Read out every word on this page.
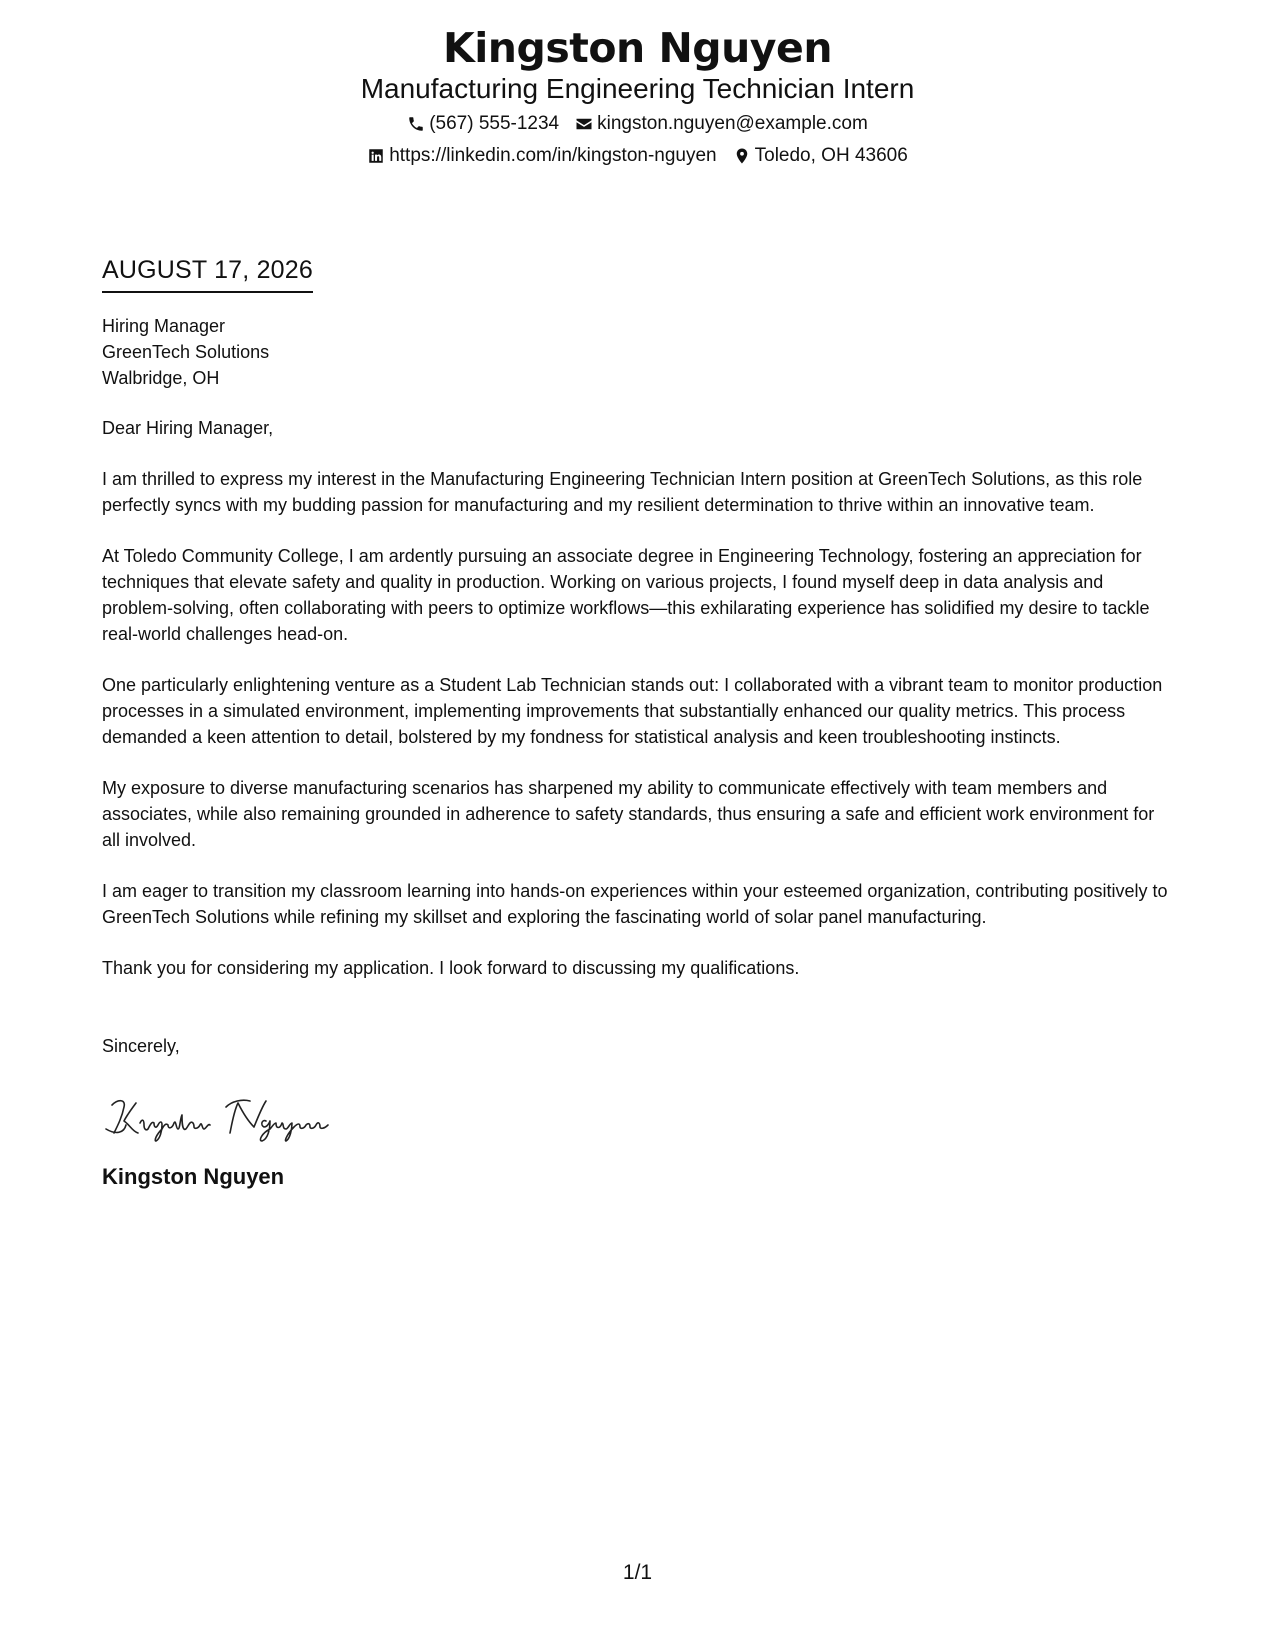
Kingston Nguyen
Manufacturing Engineering Technician Intern
(567) 555-1234 kingston.nguyen@example.com
https://linkedin.com/in/kingston-nguyen Toledo, OH 43606
AUGUST 17, 2026
Hiring Manager
GreenTech Solutions
Walbridge, OH
Dear Hiring Manager,
I am thrilled to express my interest in the Manufacturing Engineering Technician Intern position at GreenTech Solutions, as this role perfectly syncs with my budding passion for manufacturing and my resilient determination to thrive within an innovative team.
At Toledo Community College, I am ardently pursuing an associate degree in Engineering Technology, fostering an appreciation for techniques that elevate safety and quality in production. Working on various projects, I found myself deep in data analysis and problem-solving, often collaborating with peers to optimize workflows—this exhilarating experience has solidified my desire to tackle real-world challenges head-on.
One particularly enlightening venture as a Student Lab Technician stands out: I collaborated with a vibrant team to monitor production processes in a simulated environment, implementing improvements that substantially enhanced our quality metrics. This process demanded a keen attention to detail, bolstered by my fondness for statistical analysis and keen troubleshooting instincts.
My exposure to diverse manufacturing scenarios has sharpened my ability to communicate effectively with team members and associates, while also remaining grounded in adherence to safety standards, thus ensuring a safe and efficient work environment for all involved.
I am eager to transition my classroom learning into hands-on experiences within your esteemed organization, contributing positively to GreenTech Solutions while refining my skillset and exploring the fascinating world of solar panel manufacturing.
Thank you for considering my application. I look forward to discussing my qualifications.
Sincerely,
Kingston Nguyen
1/1
